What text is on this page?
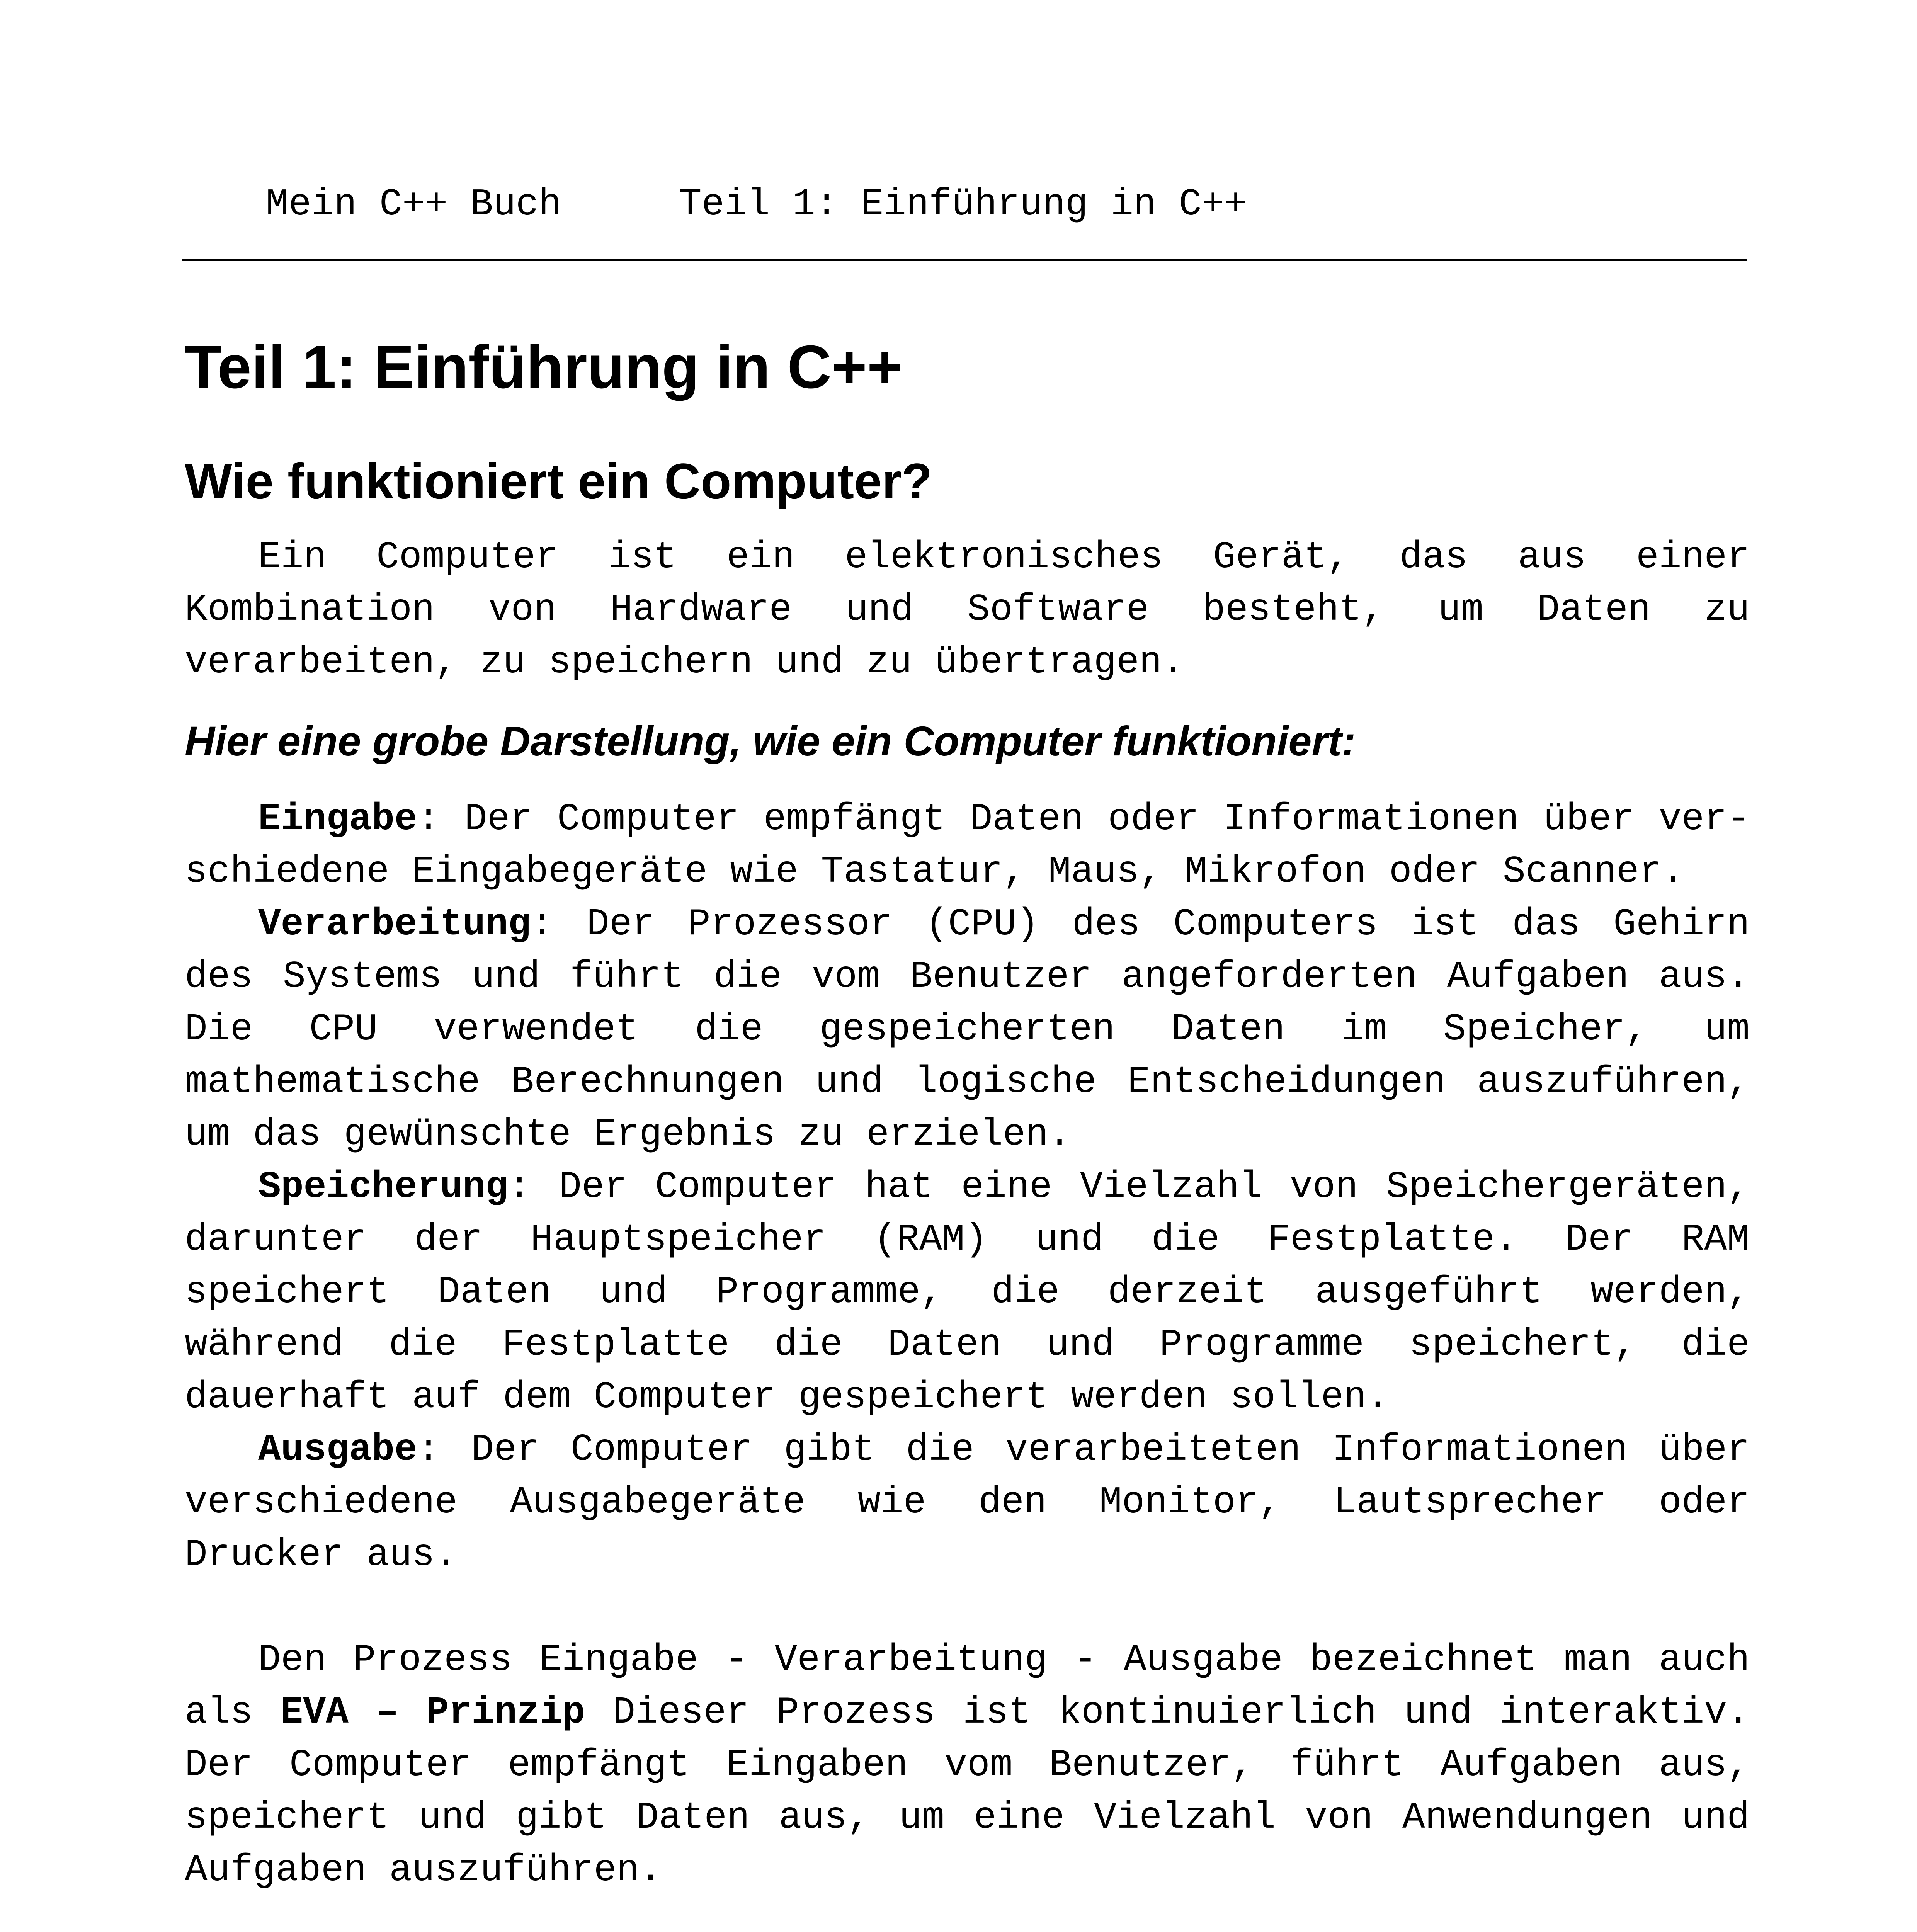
Mein C++ Buch	Teil 1: Einführung in C++
Teil 1: Einführung in C++
Wie funktioniert ein Computer?

Ein Computer ist ein elektronisches Gerät, das aus einer Kombination von Hardware und Software besteht, um Daten zu verarbeiten, zu speichern und zu übertragen.

Hier eine grobe Darstellung, wie ein Computer funktioniert:

Eingabe: Der Computer empfängt Daten oder Informationen über verschiedene Eingabegeräte wie Tastatur, Maus, Mikrofon oder Scanner.

Verarbeitung: Der Prozessor (CPU) des Computers ist das Gehirn des Systems und führt die vom Benutzer angeforderten Aufgaben aus. Die CPU verwendet die gespeicherten Daten im Speicher, um mathematische Berechnungen und logische Entscheidungen auszuführen, um das gewünschte Ergebnis zu erzielen.

Speicherung: Der Computer hat eine Vielzahl von Speichergeräten, darunter der Hauptspeicher (RAM) und die Festplatte. Der RAM speichert Daten und Programme, die derzeit ausgeführt werden, während die Festplatte die Daten und Programme speichert, die dauerhaft auf dem Computer gespeichert werden sollen.

Ausgabe: Der Computer gibt die verarbeiteten Informationen über verschiedene Ausgabegeräte wie den Monitor, Lautsprecher oder Drucker aus.

Den Prozess Eingabe - Verarbeitung - Ausgabe bezeichnet man auch als EVA – Prinzip Dieser Prozess ist kontinuierlich und interaktiv. Der Computer empfängt Eingaben vom Benutzer, führt Aufgaben aus, speichert und gibt Daten aus, um eine Vielzahl von Anwendungen und Aufgaben auszuführen.
